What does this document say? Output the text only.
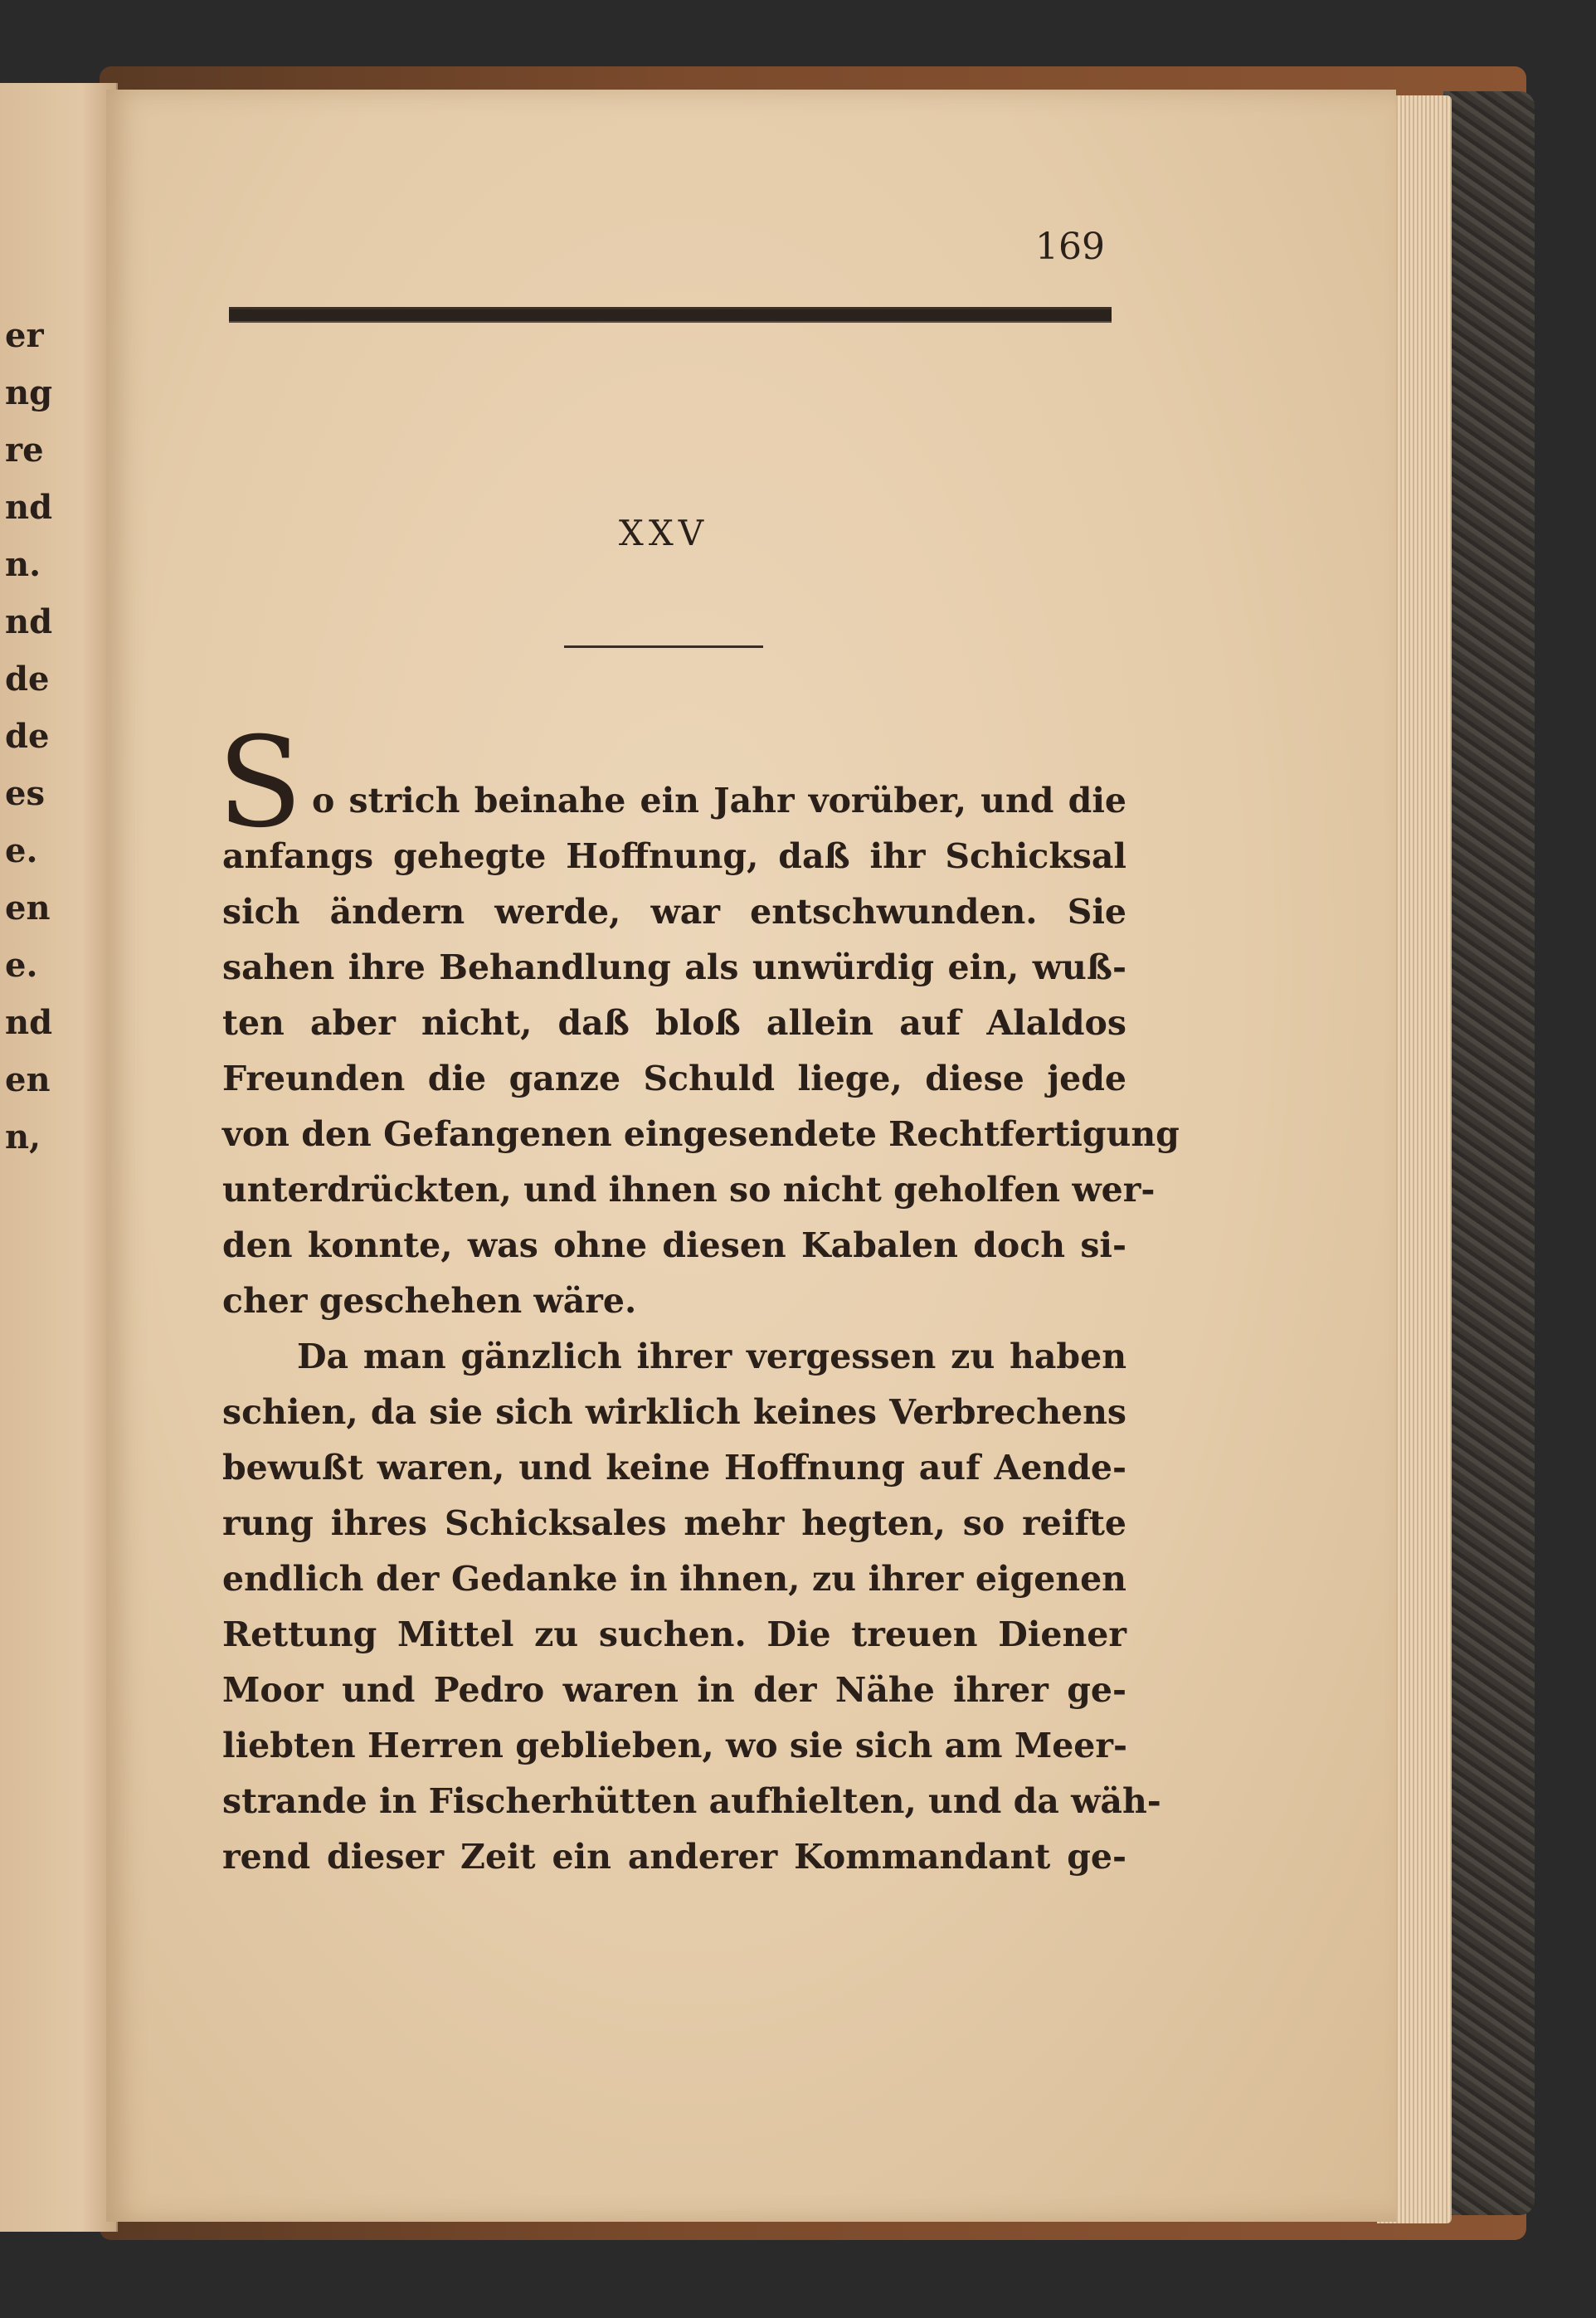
er
ng
re
nd
n.
nd
de
de
es
e.
en
e.
nd
en
n,
169
XXV
S o strich beinahe ein Jahr vorüber, und die
anfangs gehegte Hoffnung, daß ihr Schicksal
sich ändern werde, war entschwunden. Sie
sahen ihre Behandlung als unwürdig ein, wuß-
ten aber nicht, daß bloß allein auf Alaldos
Freunden die ganze Schuld liege, diese jede
von den Gefangenen eingesendete Rechtfertigung
unterdrückten, und ihnen so nicht geholfen wer-
den konnte, was ohne diesen Kabalen doch si-
cher geschehen wäre.
Da man gänzlich ihrer vergessen zu haben
schien, da sie sich wirklich keines Verbrechens
bewußt waren, und keine Hoffnung auf Aende-
rung ihres Schicksales mehr hegten, so reifte
endlich der Gedanke in ihnen, zu ihrer eigenen
Rettung Mittel zu suchen. Die treuen Diener
Moor und Pedro waren in der Nähe ihrer ge-
liebten Herren geblieben, wo sie sich am Meer-
strande in Fischerhütten aufhielten, und da wäh-
rend dieser Zeit ein anderer Kommandant ge-
